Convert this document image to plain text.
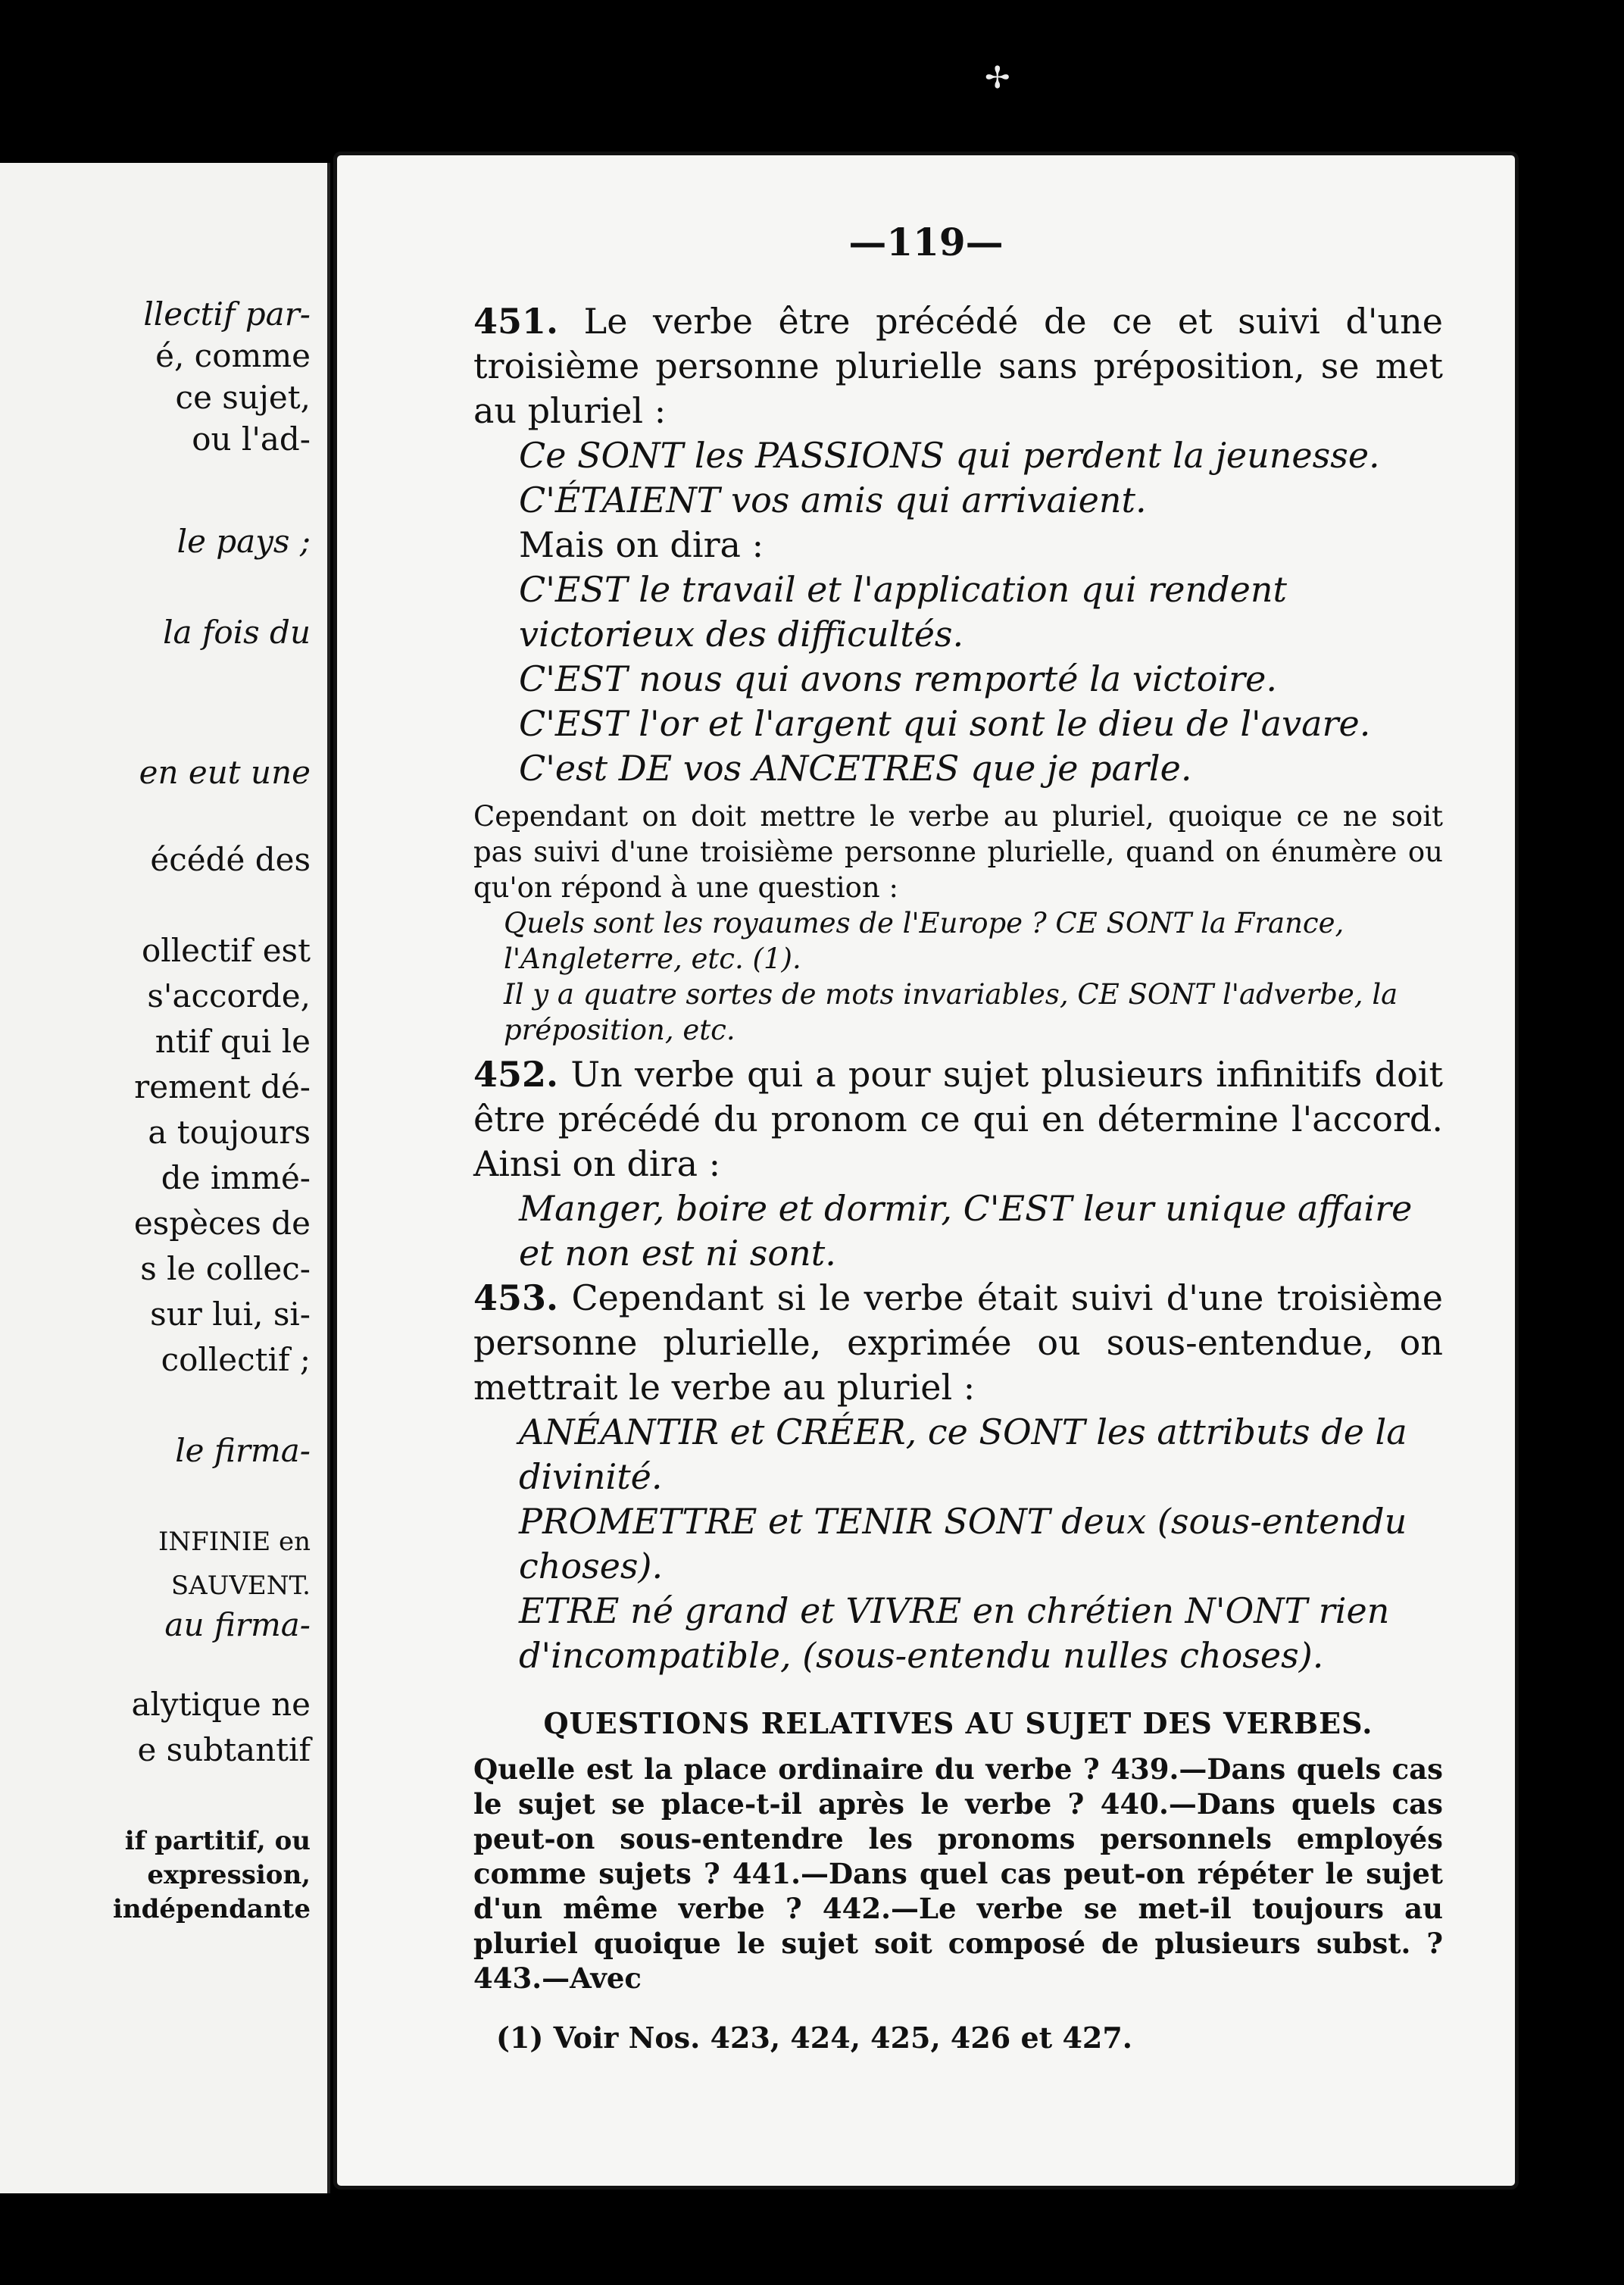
✢
llectif par-
é, comme
ce sujet,
ou l'ad-
le pays ;
la fois du
en eut une
écédé des
ollectif est
s'accorde,
ntif qui le
rement dé-
a toujours
de immé-
espèces de
s le collec-
sur lui, si-
collectif ;
le firma-
INFINIE en
SAUVENT.
au firma-
alytique ne
e subtantif
if partitif, ou
expression,
indépendante
—119—

451. Le verbe être précédé de ce et suivi d'une troisième personne plurielle sans préposition, se met au pluriel :

Ce SONT les PASSIONS qui perdent la jeunesse.

C'ÉTAIENT vos amis qui arrivaient.

Mais on dira :

C'EST le travail et l'application qui rendent victorieux des difficultés.

C'EST nous qui avons remporté la victoire.

C'EST l'or et l'argent qui sont le dieu de l'avare.

C'est DE vos ANCETRES que je parle.

Cependant on doit mettre le verbe au pluriel, quoique ce ne soit pas suivi d'une troisième personne plurielle, quand on énumère ou qu'on répond à une question :

Quels sont les royaumes de l'Europe ? CE SONT la France, l'Angleterre, etc. (1).

Il y a quatre sortes de mots invariables, CE SONT l'adverbe, la préposition, etc.

452. Un verbe qui a pour sujet plusieurs infinitifs doit être précédé du pronom ce qui en détermine l'accord. Ainsi on dira :

Manger, boire et dormir, C'EST leur unique affaire et non est ni sont.

453. Cependant si le verbe était suivi d'une troisième personne plurielle, exprimée ou sous-entendue, on mettrait le verbe au pluriel :

ANÉANTIR et CRÉER, ce SONT les attributs de la divinité.

PROMETTRE et TENIR SONT deux (sous-entendu choses).

ETRE né grand et VIVRE en chrétien N'ONT rien d'incompatible, (sous-entendu nulles choses).

QUESTIONS RELATIVES AU SUJET DES VERBES.

Quelle est la place ordinaire du verbe ? 439.—Dans quels cas le sujet se place-t-il après le verbe ? 440.—Dans quels cas peut-on sous-entendre les pronoms personnels employés comme sujets ? 441.—Dans quel cas peut-on répéter le sujet d'un même verbe ? 442.—Le verbe se met-il toujours au pluriel quoique le sujet soit composé de plusieurs subst. ? 443.—Avec

(1) Voir Nos. 423, 424, 425, 426 et 427.
